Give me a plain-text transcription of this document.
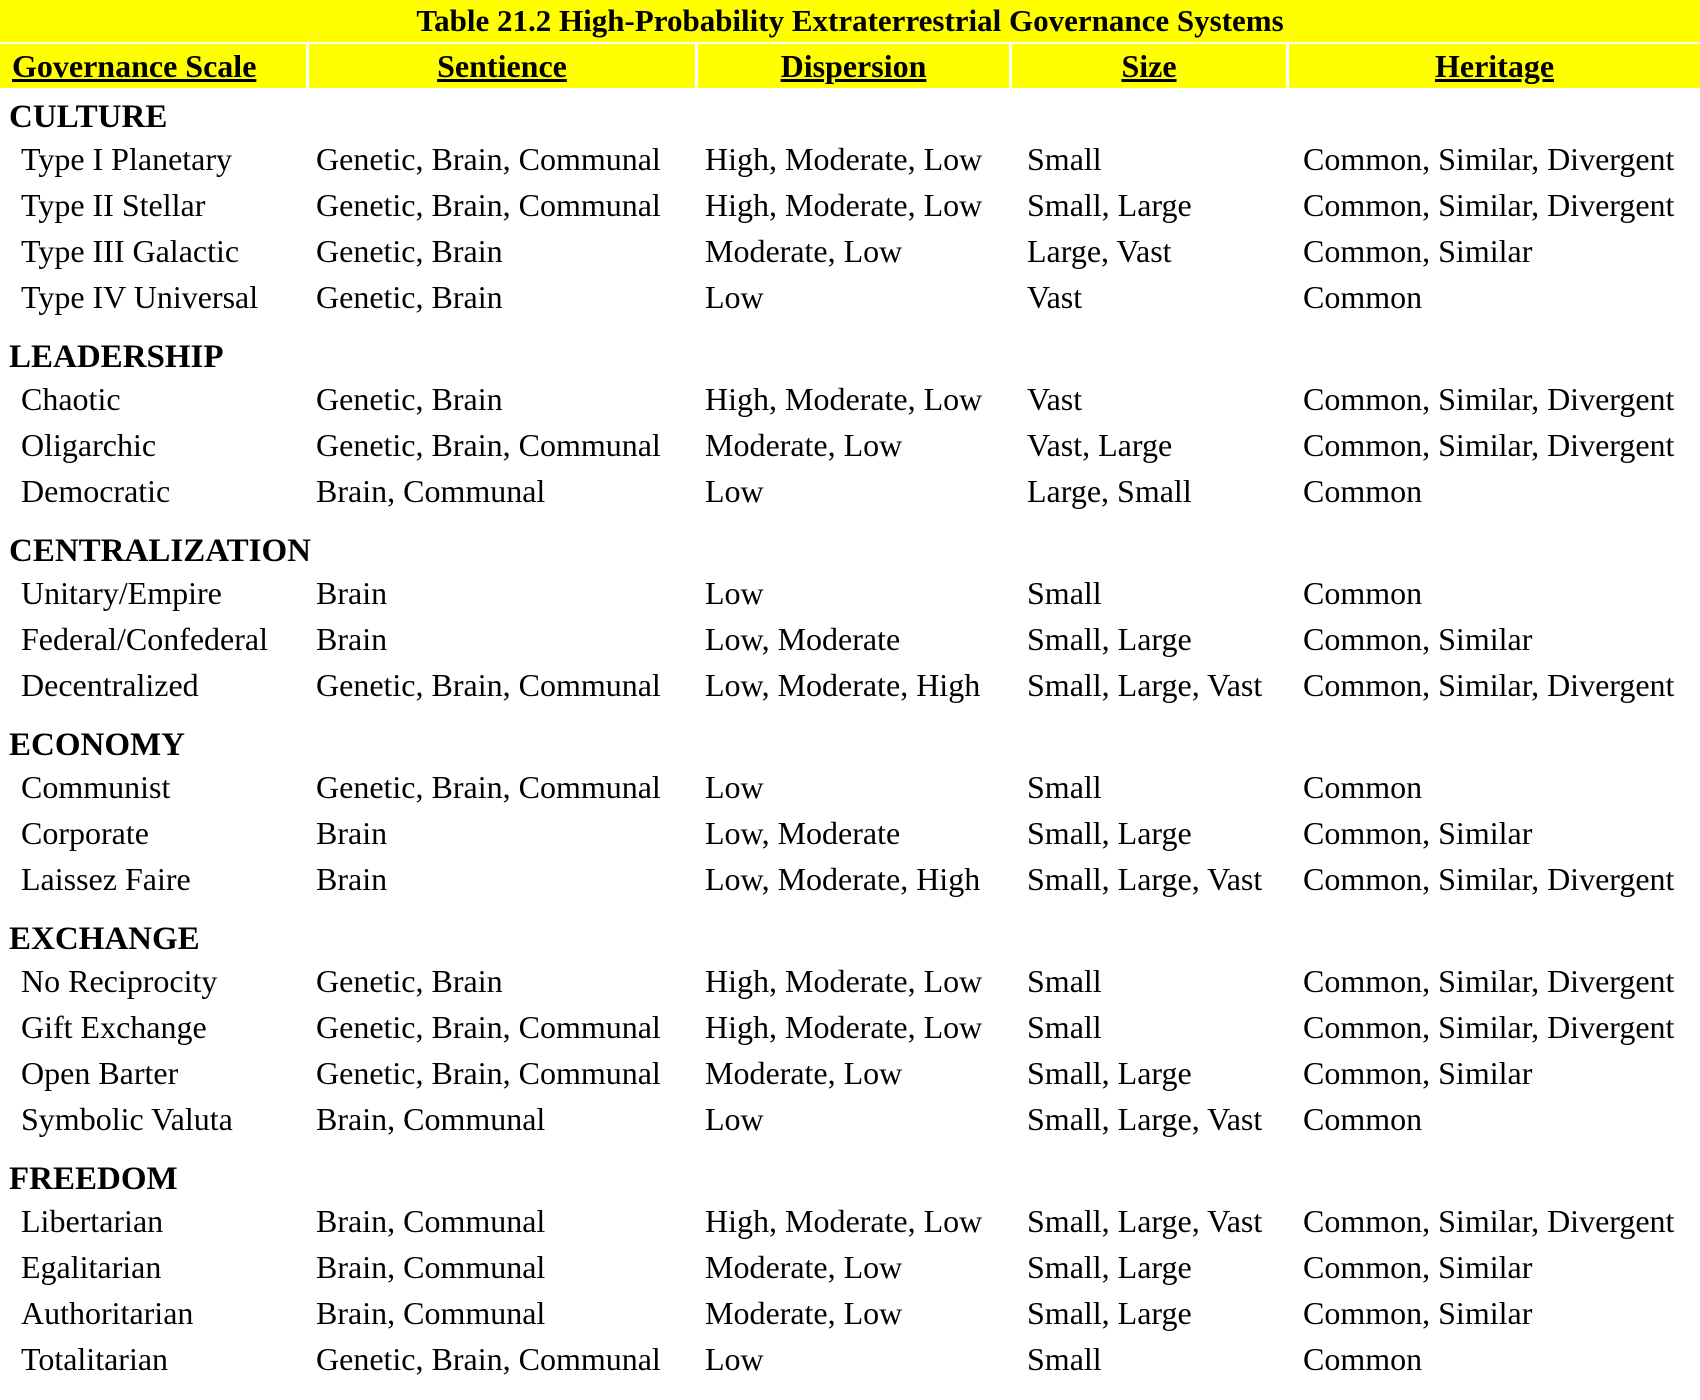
Table 21.2 High-Probability Extraterrestrial Governance Systems				
Governance Scale	Sentience	Dispersion	Size	Heritage
CULTURE				
Type I Planetary	Genetic, Brain, Communal	High, Moderate, Low	Small	Common, Similar, Divergent
Type II Stellar	Genetic, Brain, Communal	High, Moderate, Low	Small, Large	Common, Similar, Divergent
Type III Galactic	Genetic, Brain	Moderate, Low	Large, Vast	Common, Similar
Type IV Universal	Genetic, Brain	Low	Vast	Common
LEADERSHIP				
Chaotic	Genetic, Brain	High, Moderate, Low	Vast	Common, Similar, Divergent
Oligarchic	Genetic, Brain, Communal	Moderate, Low	Vast, Large	Common, Similar, Divergent
Democratic	Brain, Communal	Low	Large, Small	Common
CENTRALIZATION				
Unitary/Empire	Brain	Low	Small	Common
Federal/Confederal	Brain	Low, Moderate	Small, Large	Common, Similar
Decentralized	Genetic, Brain, Communal	Low, Moderate, High	Small, Large, Vast	Common, Similar, Divergent
ECONOMY				
Communist	Genetic, Brain, Communal	Low	Small	Common
Corporate	Brain	Low, Moderate	Small, Large	Common, Similar
Laissez Faire	Brain	Low, Moderate, High	Small, Large, Vast	Common, Similar, Divergent
EXCHANGE				
No Reciprocity	Genetic, Brain	High, Moderate, Low	Small	Common, Similar, Divergent
Gift Exchange	Genetic, Brain, Communal	High, Moderate, Low	Small	Common, Similar, Divergent
Open Barter	Genetic, Brain, Communal	Moderate, Low	Small, Large	Common, Similar
Symbolic Valuta	Brain, Communal	Low	Small, Large, Vast	Common
FREEDOM				
Libertarian	Brain, Communal	High, Moderate, Low	Small, Large, Vast	Common, Similar, Divergent
Egalitarian	Brain, Communal	Moderate, Low	Small, Large	Common, Similar
Authoritarian	Brain, Communal	Moderate, Low	Small, Large	Common, Similar
Totalitarian	Genetic, Brain, Communal	Low	Small	Common
